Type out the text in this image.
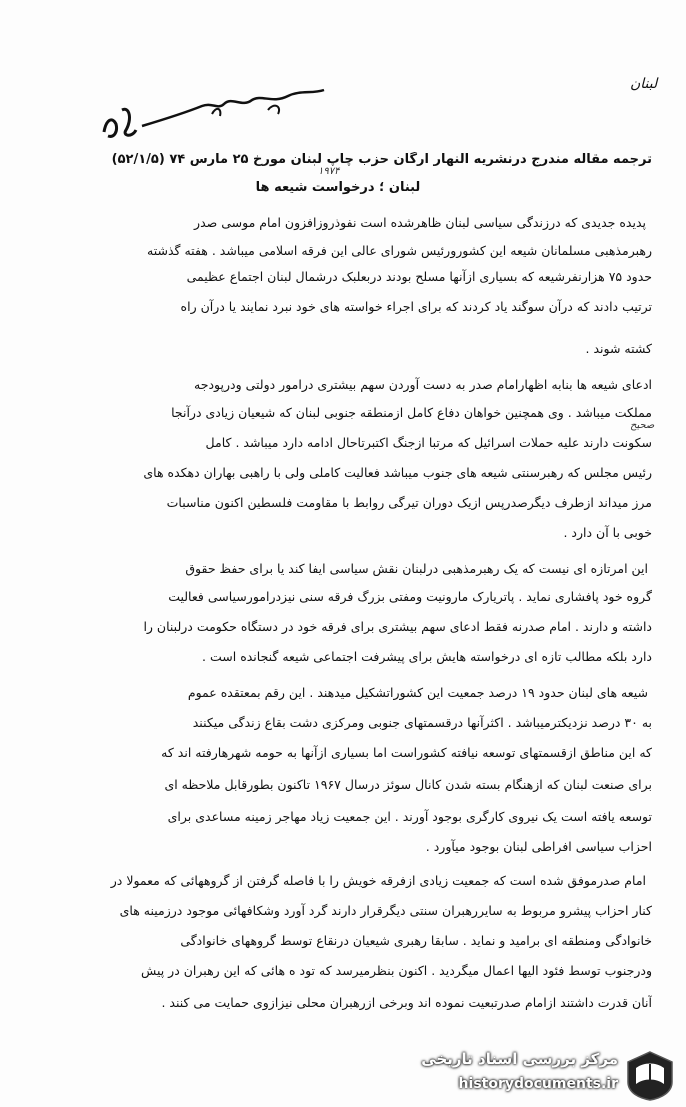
لبنان
ترجمه مقاله مندرج درنشریه النهار ارگان حزب چاپ لبنان مورخ ۲۵ مارس ۷۴ (۵۲/۱/۵)
۱۹۷۴
لبنان ؛ درخواست شیعه ها
پدیده جدیدی که درزندگی سیاسی لبنان ظاهرشده است نفوذروزافزون امام موسی صدر
رهبرمذهبی مسلمانان شیعه این کشورورئیس شورای عالی این فرقه اسلامی میباشد . هفته گذشته
حدود ۷۵ هزارنفرشیعه که بسیاری ازآنها مسلح بودند دربعلبک درشمال لبنان اجتماع عظیمی
ترتیب دادند که درآن سوگند یاد کردند که برای اجراء خواسته های خود نبرد نمایند یا درآن راه
کشته شوند .
ادعای شیعه ها بنابه اظهارامام صدر به دست آوردن سهم بیشتری درامور دولتی ودرپودجه
مملکت میباشد . وی همچنین خواهان دفاع کامل ازمنطقه جنوبی لبنان که شیعیان زیادی درآنجا
صحیح
سکونت دارند علیه حملات اسرائیل که مرتبا ازجنگ اکتبرتاحال ادامه دارد میباشد . کامل
رئیس مجلس که رهبرسنتی شیعه های جنوب میباشد فعالیت کاملی ولی با راهبی بهاران دهکده های
مرز میداند ازطرف دیگرصدرپس ازیک دوران تیرگی روابط با مقاومت فلسطین اکنون مناسبات
خوبی با آن دارد .
این امرتازه ای نیست که یک رهبرمذهبی درلبنان نقش سیاسی ایفا کند یا برای حفظ حقوق
گروه خود پافشاری نماید . پاتریارک مارونیت ومفتی بزرگ فرقه سنی نیزدرامورسیاسی فعالیت
داشته و دارند . امام صدرنه فقط ادعای سهم بیشتری برای فرقه خود در دستگاه حکومت درلبنان را
دارد بلکه مطالب تازه ای درخواسته هایش برای پیشرفت اجتماعی شیعه گنجانده است .
شیعه های لبنان حدود ۱۹ درصد جمعیت این کشوراتشکیل میدهند . این رقم بمعتقده عموم
به ۳۰ درصد نزدیکترمیباشد . اکثرآنها درقسمتهای جنوبی ومرکزی دشت بقاع زندگی میکنند
که این مناطق ازقسمتهای توسعه نیافته کشوراست اما بسیاری ازآنها به حومه شهرهارفته اند که
برای صنعت لبنان که ازهنگام بسته شدن کانال سوئز درسال ۱۹۶۷ تاکنون بطورقابل ملاحظه ای
توسعه یافته است یک نیروی کارگری بوجود آورند . این جمعیت زیاد مهاجر زمینه مساعدی برای
احزاب سیاسی افراطی لبنان بوجود میآورد .
امام صدرموفق شده است که جمعیت زیادی ازفرقه خویش را با فاصله گرفتن از گروههائی که معمولا در
کنار احزاب پیشرو مربوط به سایررهبران سنتی دیگرقرار دارند گرد آورد وشکافهائی موجود درزمینه های
خانوادگی ومنطقه ای برامید و نماید . سابقا رهبری شیعیان درنقاع توسط گروههای خانوادگی
ودرجنوب توسط فئود الیها اعمال میگردید . اکنون بنظرمیرسد که تود ه هائی که این رهبران در پیش
آنان قدرت داشتند ازامام صدرتبعیت نموده اند وبرخی ازرهبران محلی نیزازوی حمایت می کنند .
مرکز بررسی اسناد تاریخی
historydocuments.ir
